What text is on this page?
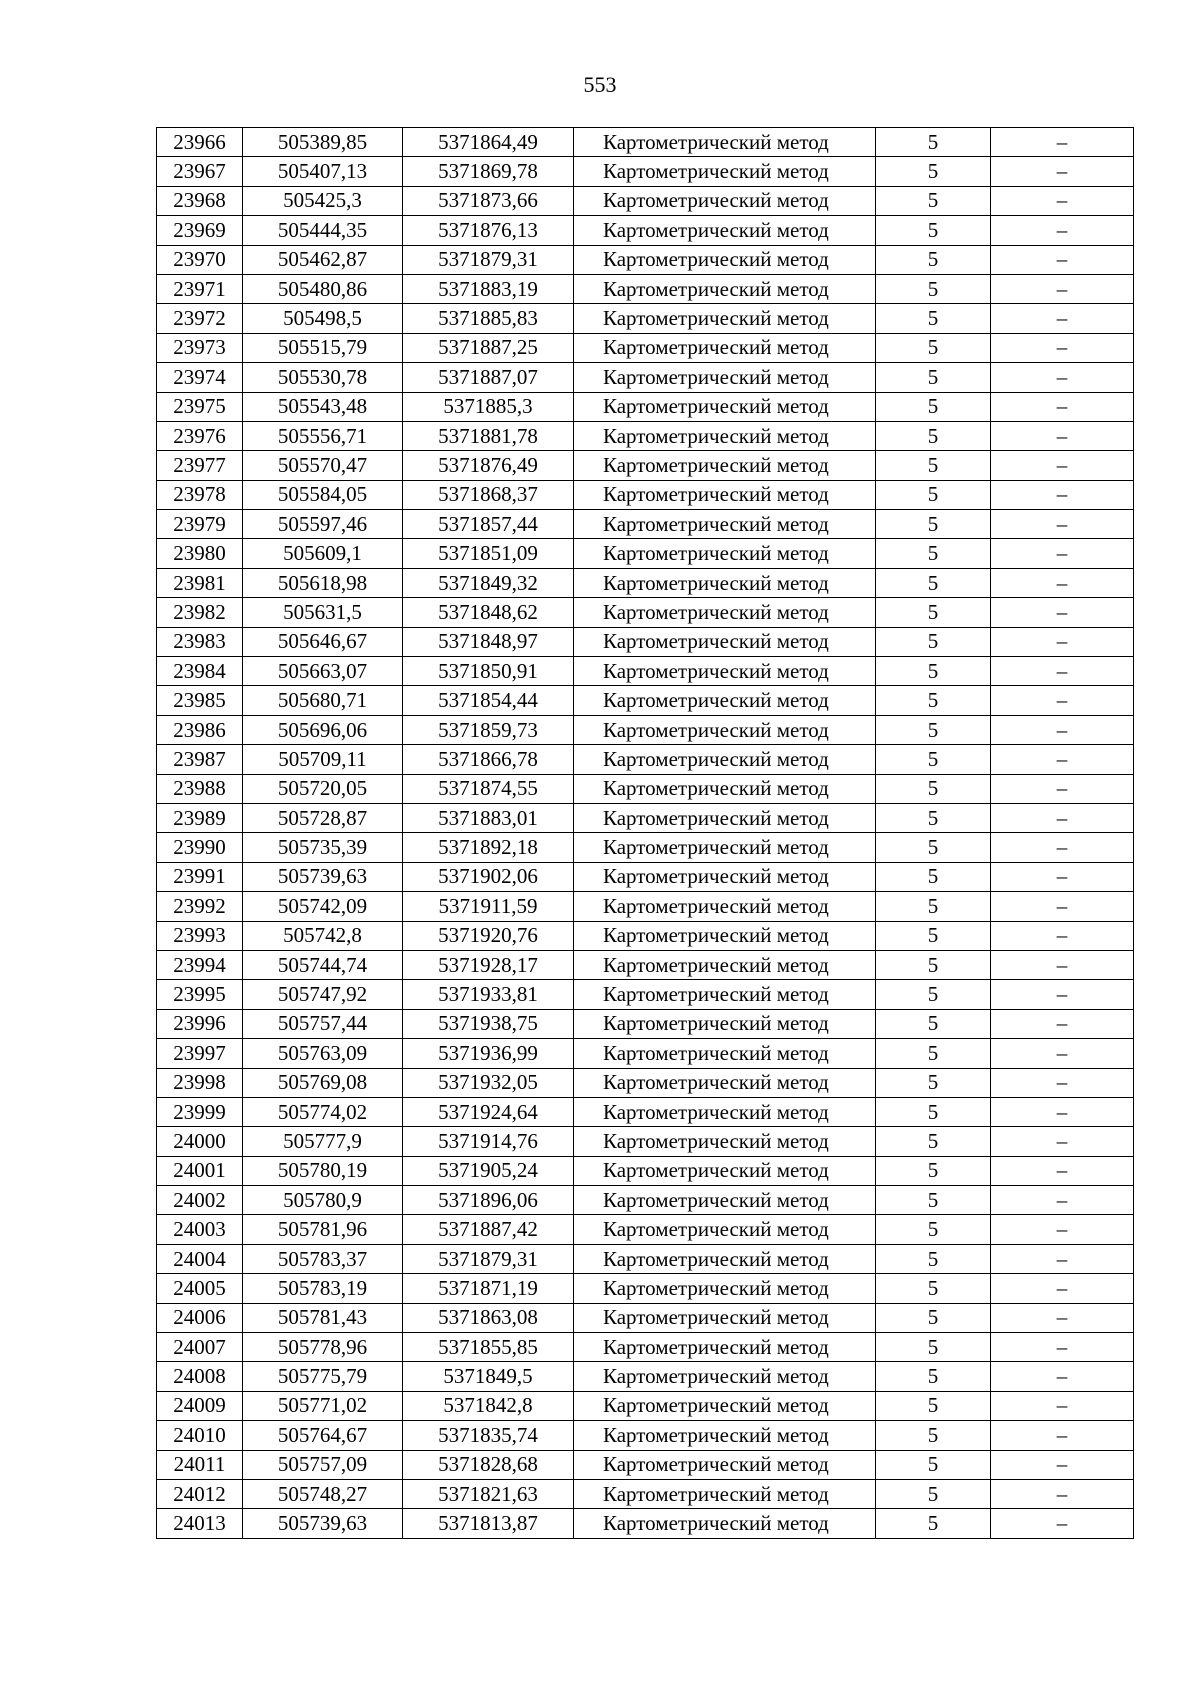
553
23966	505389,85	5371864,49	Картометрический метод	5	–
23967	505407,13	5371869,78	Картометрический метод	5	–
23968	505425,3	5371873,66	Картометрический метод	5	–
23969	505444,35	5371876,13	Картометрический метод	5	–
23970	505462,87	5371879,31	Картометрический метод	5	–
23971	505480,86	5371883,19	Картометрический метод	5	–
23972	505498,5	5371885,83	Картометрический метод	5	–
23973	505515,79	5371887,25	Картометрический метод	5	–
23974	505530,78	5371887,07	Картометрический метод	5	–
23975	505543,48	5371885,3	Картометрический метод	5	–
23976	505556,71	5371881,78	Картометрический метод	5	–
23977	505570,47	5371876,49	Картометрический метод	5	–
23978	505584,05	5371868,37	Картометрический метод	5	–
23979	505597,46	5371857,44	Картометрический метод	5	–
23980	505609,1	5371851,09	Картометрический метод	5	–
23981	505618,98	5371849,32	Картометрический метод	5	–
23982	505631,5	5371848,62	Картометрический метод	5	–
23983	505646,67	5371848,97	Картометрический метод	5	–
23984	505663,07	5371850,91	Картометрический метод	5	–
23985	505680,71	5371854,44	Картометрический метод	5	–
23986	505696,06	5371859,73	Картометрический метод	5	–
23987	505709,11	5371866,78	Картометрический метод	5	–
23988	505720,05	5371874,55	Картометрический метод	5	–
23989	505728,87	5371883,01	Картометрический метод	5	–
23990	505735,39	5371892,18	Картометрический метод	5	–
23991	505739,63	5371902,06	Картометрический метод	5	–
23992	505742,09	5371911,59	Картометрический метод	5	–
23993	505742,8	5371920,76	Картометрический метод	5	–
23994	505744,74	5371928,17	Картометрический метод	5	–
23995	505747,92	5371933,81	Картометрический метод	5	–
23996	505757,44	5371938,75	Картометрический метод	5	–
23997	505763,09	5371936,99	Картометрический метод	5	–
23998	505769,08	5371932,05	Картометрический метод	5	–
23999	505774,02	5371924,64	Картометрический метод	5	–
24000	505777,9	5371914,76	Картометрический метод	5	–
24001	505780,19	5371905,24	Картометрический метод	5	–
24002	505780,9	5371896,06	Картометрический метод	5	–
24003	505781,96	5371887,42	Картометрический метод	5	–
24004	505783,37	5371879,31	Картометрический метод	5	–
24005	505783,19	5371871,19	Картометрический метод	5	–
24006	505781,43	5371863,08	Картометрический метод	5	–
24007	505778,96	5371855,85	Картометрический метод	5	–
24008	505775,79	5371849,5	Картометрический метод	5	–
24009	505771,02	5371842,8	Картометрический метод	5	–
24010	505764,67	5371835,74	Картометрический метод	5	–
24011	505757,09	5371828,68	Картометрический метод	5	–
24012	505748,27	5371821,63	Картометрический метод	5	–
24013	505739,63	5371813,87	Картометрический метод	5	–
